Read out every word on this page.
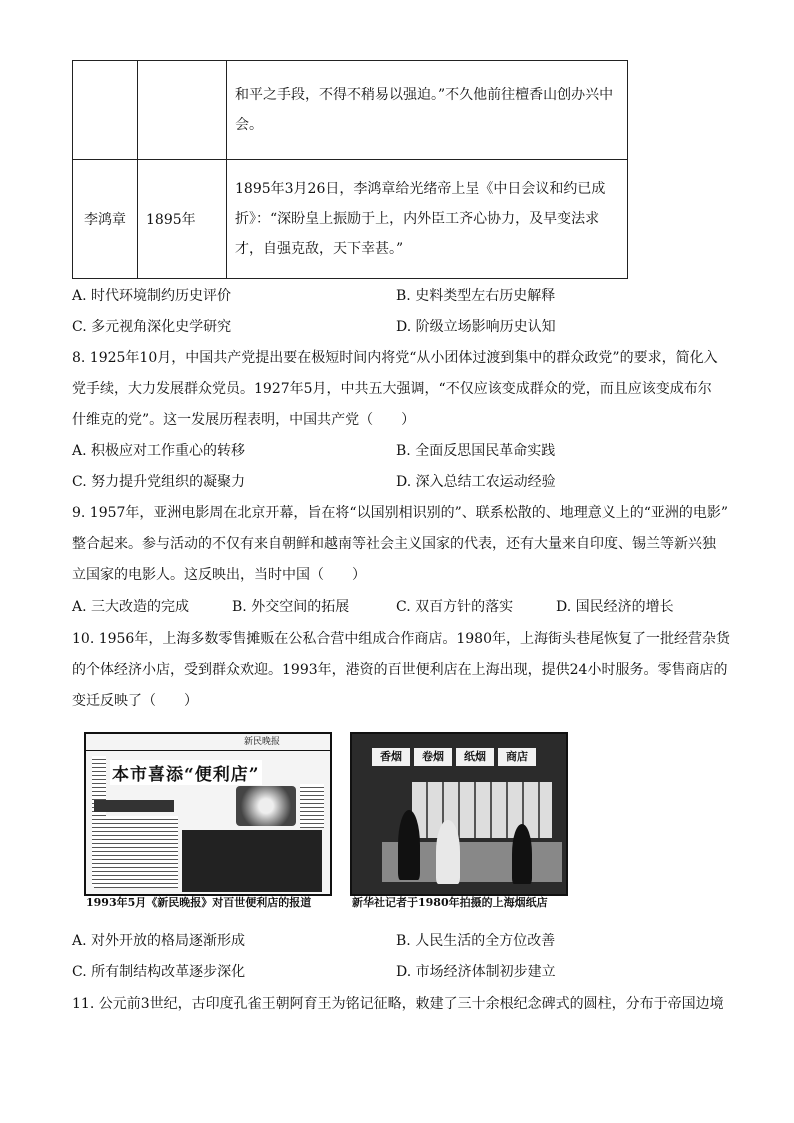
		和平之手段，不得不稍易以强迫。”不久他前往檀香山创办兴中会。
李鸿章	1895年	1895年3月26日，李鸿章给光绪帝上呈《中日会议和约已成折》：“深盼皇上振励于上，内外臣工齐心协力，及早变法求才，自强克敌，天下幸甚。”
A. 时代环境制约历史评价	B. 史料类型左右历史解释
C. 多元视角深化史学研究	D. 阶级立场影响历史认知
8. 1925年10月，中国共产党提出要在极短时间内将党“从小团体过渡到集中的群众政党”的要求，简化入
党手续，大力发展群众党员。1927年5月，中共五大强调，“不仅应该变成群众的党，而且应该变成布尔
什维克的党”。这一发展历程表明，中国共产党（　　）
A. 积极应对工作重心的转移	B. 全面反思国民革命实践
C. 努力提升党组织的凝聚力	D. 深入总结工农运动经验
9. 1957年，亚洲电影周在北京开幕，旨在将“以国别相识别的”、联系松散的、地理意义上的“亚洲的电影”
整合起来。参与活动的不仅有来自朝鲜和越南等社会主义国家的代表，还有大量来自印度、锡兰等新兴独
立国家的电影人。这反映出，当时中国（　　）
A. 三大改造的完成	B. 外交空间的拓展	C. 双百方针的落实	D. 国民经济的增长
10. 1956年，上海多数零售摊贩在公私合营中组成合作商店。1980年，上海街头巷尾恢复了一批经营杂货
的个体经济小店，受到群众欢迎。1993年，港资的百世便利店在上海出现，提供24小时服务。零售商店的
变迁反映了（　　）
新民晚报
本市喜添“便利店”
香烟	卷烟	纸烟	商店
1993年5月《新民晚报》对百世便利店的报道	新华社记者于1980年拍摄的上海烟纸店
A. 对外开放的格局逐渐形成	B. 人民生活的全方位改善
C. 所有制结构改革逐步深化	D. 市场经济体制初步建立
11. 公元前3世纪，古印度孔雀王朝阿育王为铭记征略，敕建了三十余根纪念碑式的圆柱，分布于帝国边境
